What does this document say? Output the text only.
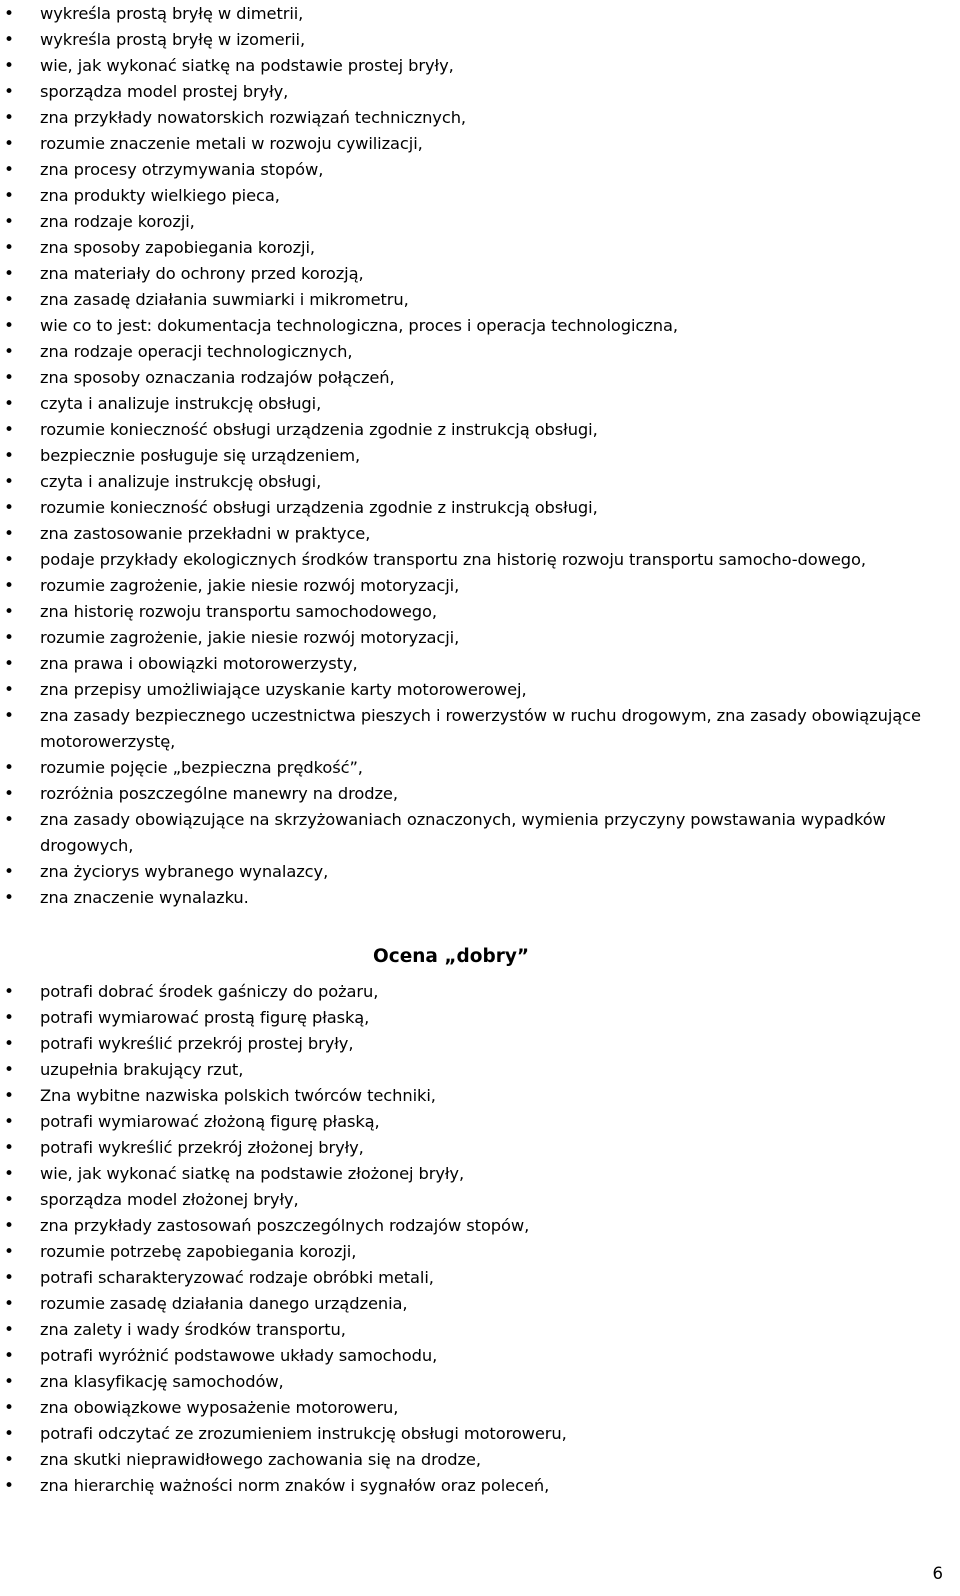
• wykreśla prostą bryłę w dimetrii,
• wykreśla prostą bryłę w izomerii,
• wie, jak wykonać siatkę na podstawie prostej bryły,
• sporządza model prostej bryły,
• zna przykłady nowatorskich rozwiązań technicznych,
• rozumie znaczenie metali w rozwoju cywilizacji,
• zna procesy otrzymywania stopów,
• zna produkty wielkiego pieca,
• zna rodzaje korozji,
• zna sposoby zapobiegania korozji,
• zna materiały do ochrony przed korozją,
• zna zasadę działania suwmiarki i mikrometru,
• wie co to jest: dokumentacja technologiczna, proces i operacja technologiczna,
• zna rodzaje operacji technologicznych,
• zna sposoby oznaczania rodzajów połączeń,
• czyta i analizuje instrukcję obsługi,
• rozumie konieczność obsługi urządzenia zgodnie z instrukcją obsługi,
• bezpiecznie posługuje się urządzeniem,
• czyta i analizuje instrukcję obsługi,
• rozumie konieczność obsługi urządzenia zgodnie z instrukcją obsługi,
• zna zastosowanie przekładni w praktyce,
• podaje przykłady ekologicznych środków transportu zna historię rozwoju transportu samocho-dowego,
• rozumie zagrożenie, jakie niesie rozwój motoryzacji,
• zna historię rozwoju transportu samochodowego,
• rozumie zagrożenie, jakie niesie rozwój motoryzacji,
• zna prawa i obowiązki motorowerzysty,
• zna przepisy umożliwiające uzyskanie karty motorowerowej,
• zna zasady bezpiecznego uczestnictwa pieszych i rowerzystów w ruchu drogowym, zna zasady obowiązujące motorowerzystę,
• rozumie pojęcie „bezpieczna prędkość”,
• rozróżnia poszczególne manewry na drodze,
• zna zasady obowiązujące na skrzyżowaniach oznaczonych, wymienia przyczyny powstawania wypadków drogowych,
• zna życiorys wybranego wynalazcy,
• zna znaczenie wynalazku.
Ocena „dobry”
• potrafi dobrać środek gaśniczy do pożaru,
• potrafi wymiarować prostą figurę płaską,
• potrafi wykreślić przekrój prostej bryły,
• uzupełnia brakujący rzut,
• Zna wybitne nazwiska polskich twórców techniki,
• potrafi wymiarować złożoną figurę płaską,
• potrafi wykreślić przekrój złożonej bryły,
• wie, jak wykonać siatkę na podstawie złożonej bryły,
• sporządza model złożonej bryły,
• zna przykłady zastosowań poszczególnych rodzajów stopów,
• rozumie potrzebę zapobiegania korozji,
• potrafi scharakteryzować rodzaje obróbki metali,
• rozumie zasadę działania danego urządzenia,
• zna zalety i wady środków transportu,
• potrafi wyróżnić podstawowe układy samochodu,
• zna klasyfikację samochodów,
• zna obowiązkowe wyposażenie motoroweru,
• potrafi odczytać ze zrozumieniem instrukcję obsługi motoroweru,
• zna skutki nieprawidłowego zachowania się na drodze,
• zna hierarchię ważności norm znaków i sygnałów oraz poleceń,
6
